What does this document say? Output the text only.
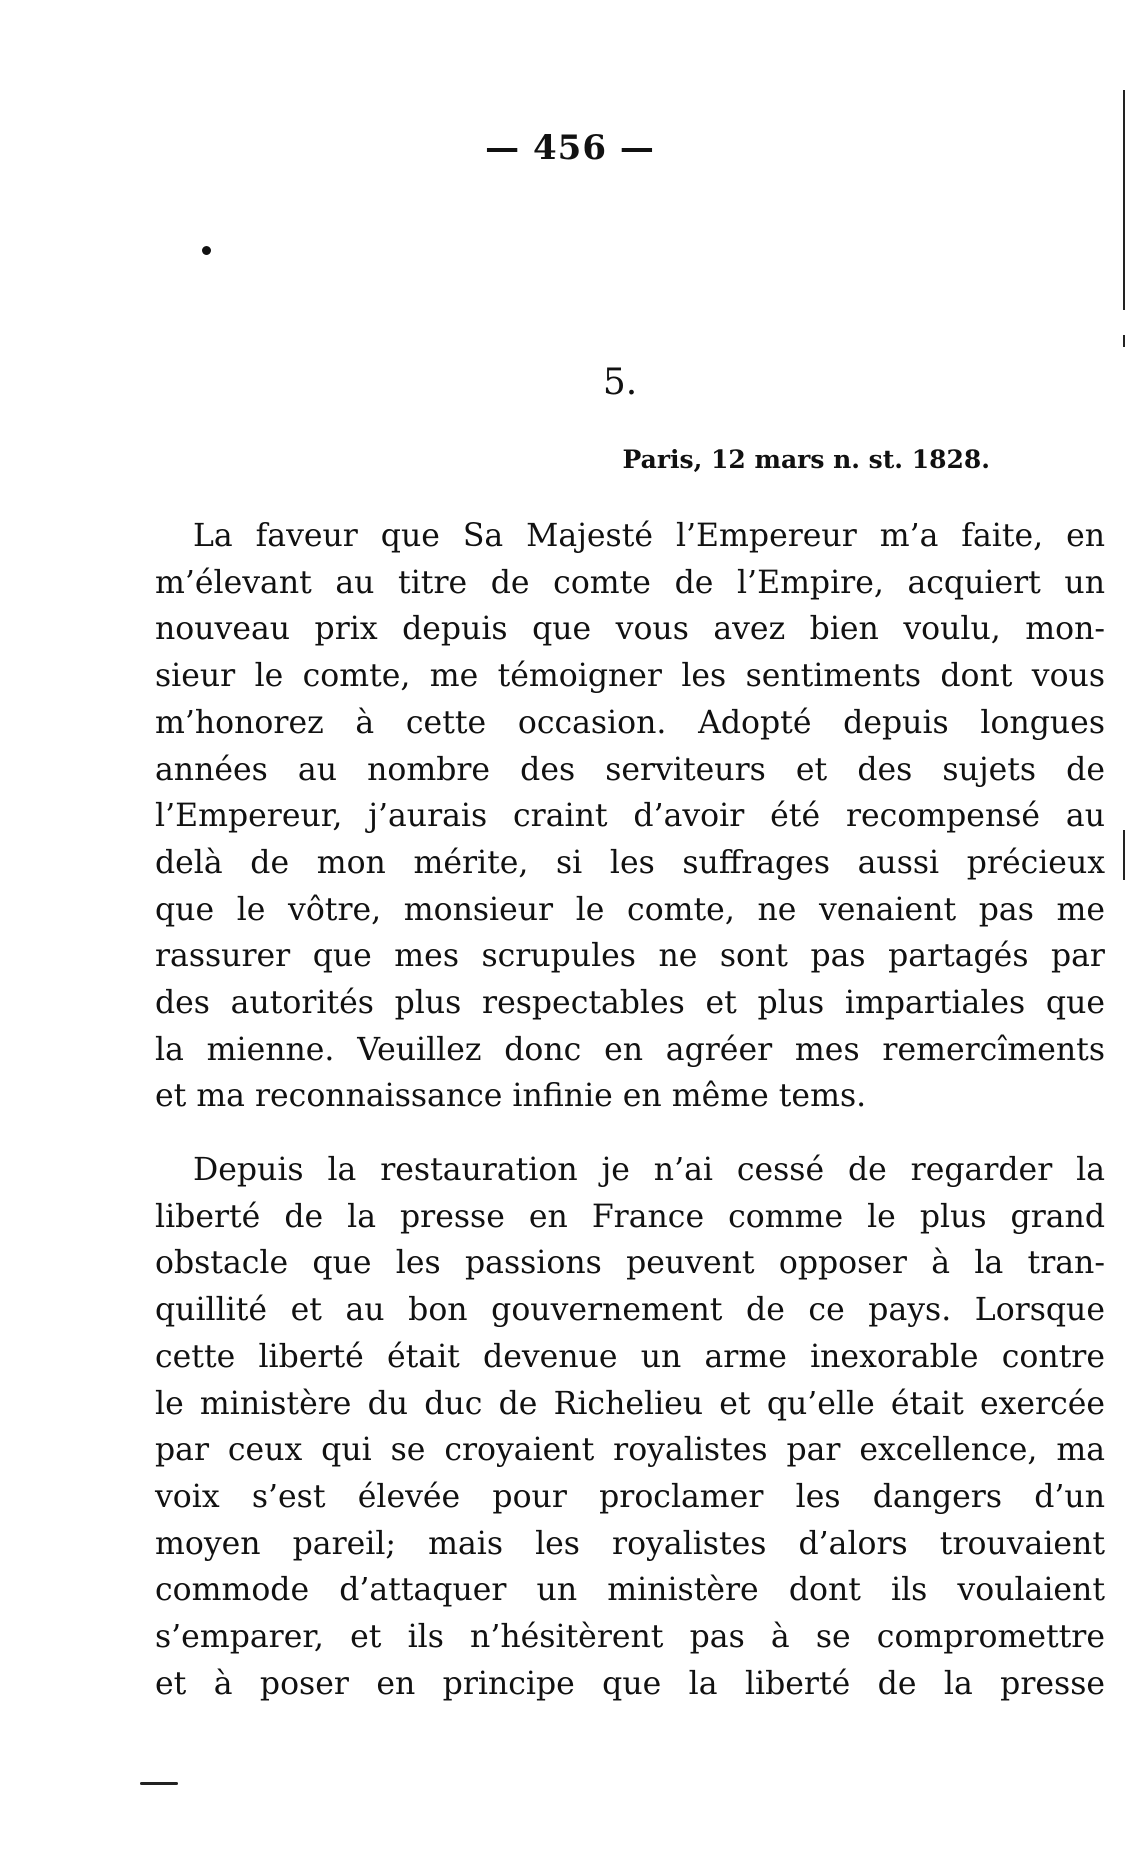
— 456 —
5.
Paris, 12 mars n. st. 1828.
La faveur que Sa Majesté l’Empereur m’a faite, en
m’élevant au titre de comte de l’Empire, acquiert un
nouveau prix depuis que vous avez bien voulu, mon-
sieur le comte, me témoigner les sentiments dont vous
m’honorez à cette occasion. Adopté depuis longues
années au nombre des serviteurs et des sujets de
l’Empereur, j’aurais craint d’avoir été recompensé au
delà de mon mérite, si les suffrages aussi précieux
que le vôtre, monsieur le comte, ne venaient pas me
rassurer que mes scrupules ne sont pas partagés par
des autorités plus respectables et plus impartiales que
la mienne. Veuillez donc en agréer mes remercîments
et ma reconnaissance infinie en même tems.
Depuis la restauration je n’ai cessé de regarder la
liberté de la presse en France comme le plus grand
obstacle que les passions peuvent opposer à la tran-
quillité et au bon gouvernement de ce pays. Lorsque
cette liberté était devenue un arme inexorable contre
le ministère du duc de Richelieu et qu’elle était exercée
par ceux qui se croyaient royalistes par excellence, ma
voix s’est élevée pour proclamer les dangers d’un
moyen pareil; mais les royalistes d’alors trouvaient
commode d’attaquer un ministère dont ils voulaient
s’emparer, et ils n’hésitèrent pas à se compromettre
et à poser en principe que la liberté de la presse
